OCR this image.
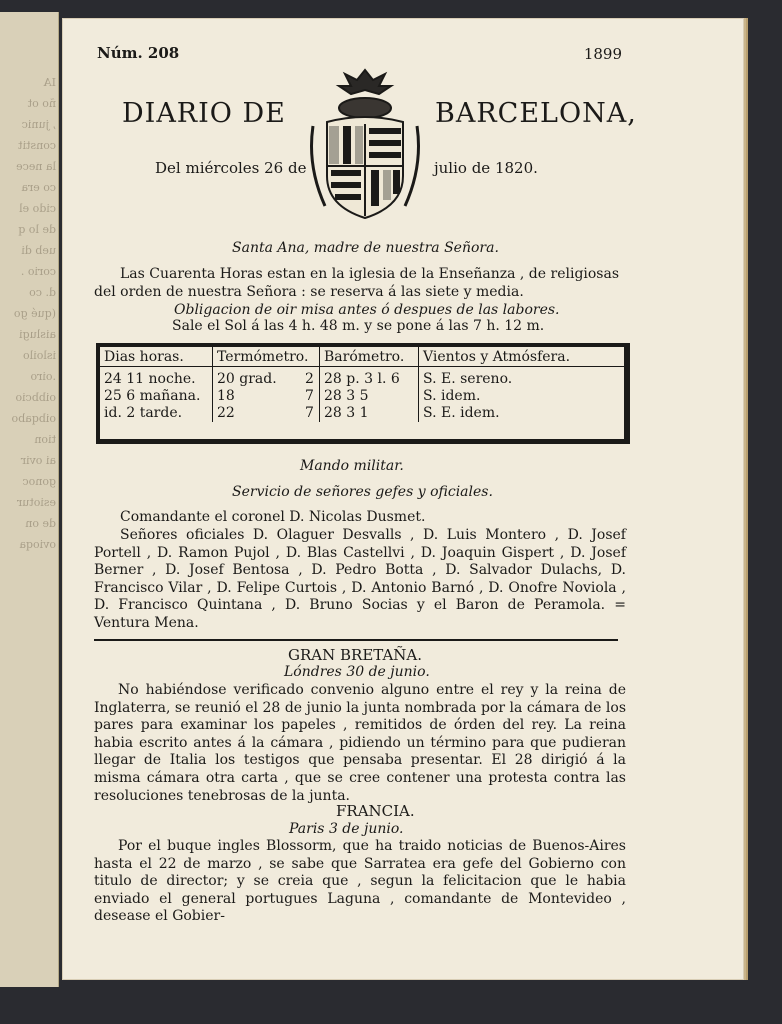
IA
ño ot
, junic
constit
la nece
co era
cido el
de lo q
ueb di
corio .
d. co
(qué go
aislugi
isloilo
.oiro
oibbcio
oibqabo
tion
ai ovir
gonoc
esiotur
de on
ovioqa

Núm. 208	1899
DIARIO DE	BARCELONA,
Del miércoles 26 de	julio de 1820.
Santa Ana, madre de nuestra Señora.
Las Cuarenta Horas estan en la iglesia de la Enseñanza , de religiosas
del orden de nuestra Señora : se reserva á las siete y media.
Obligacion de oir misa antes ó despues de las labores.
Sale el Sol á las 4 h. 48 m. y se pone á las 7 h. 12 m.
Dias horas.	Termómetro.		Barómetro.	Vientos y Atmósfera.
24 11 noche.	20 grad.	2	28 p. 3 l. 6	S. E. sereno.
25 6 mañana.	18	7	28 3 5	S. idem.
id. 2 tarde.	22	7	28 3 1	S. E. idem.
Mando militar.
Servicio de señores gefes y oficiales.
Comandante el coronel D. Nicolas Dusmet.
Señores oficiales D. Olaguer Desvalls , D. Luis Montero , D. Josef Portell , D. Ramon Pujol , D. Blas Castellvi , D. Joaquin Gispert , D. Josef Berner , D. Josef Bentosa , D. Pedro Botta , D. Salvador Dulachs, D. Francisco Vilar , D. Felipe Curtois , D. Antonio Barnó , D. Onofre Noviola , D. Francisco Quintana , D. Bruno Socias y el Baron de Peramola. = Ventura Mena.
GRAN BRETAÑA.
Lóndres 30 de junio.
No habiéndose verificado convenio alguno entre el rey y la reina de Inglaterra, se reunió el 28 de junio la junta nombrada por la cámara de los pares para examinar los papeles , remitidos de órden del rey. La reina habia escrito antes á la cámara , pidiendo un término para que pudieran llegar de Italia los testigos que pensaba presentar. El 28 dirigió á la misma cámara otra carta , que se cree contener una protesta contra las resoluciones tenebrosas de la junta.
FRANCIA.
Paris 3 de junio.
Por el buque ingles Blossorm, que ha traido noticias de Buenos-Aires hasta el 22 de marzo , se sabe que Sarratea era gefe del Gobierno con titulo de director; y se creia que , segun la felicitacion que le habia enviado el general portugues Laguna , comandante de Montevideo , desease el Gobier-
